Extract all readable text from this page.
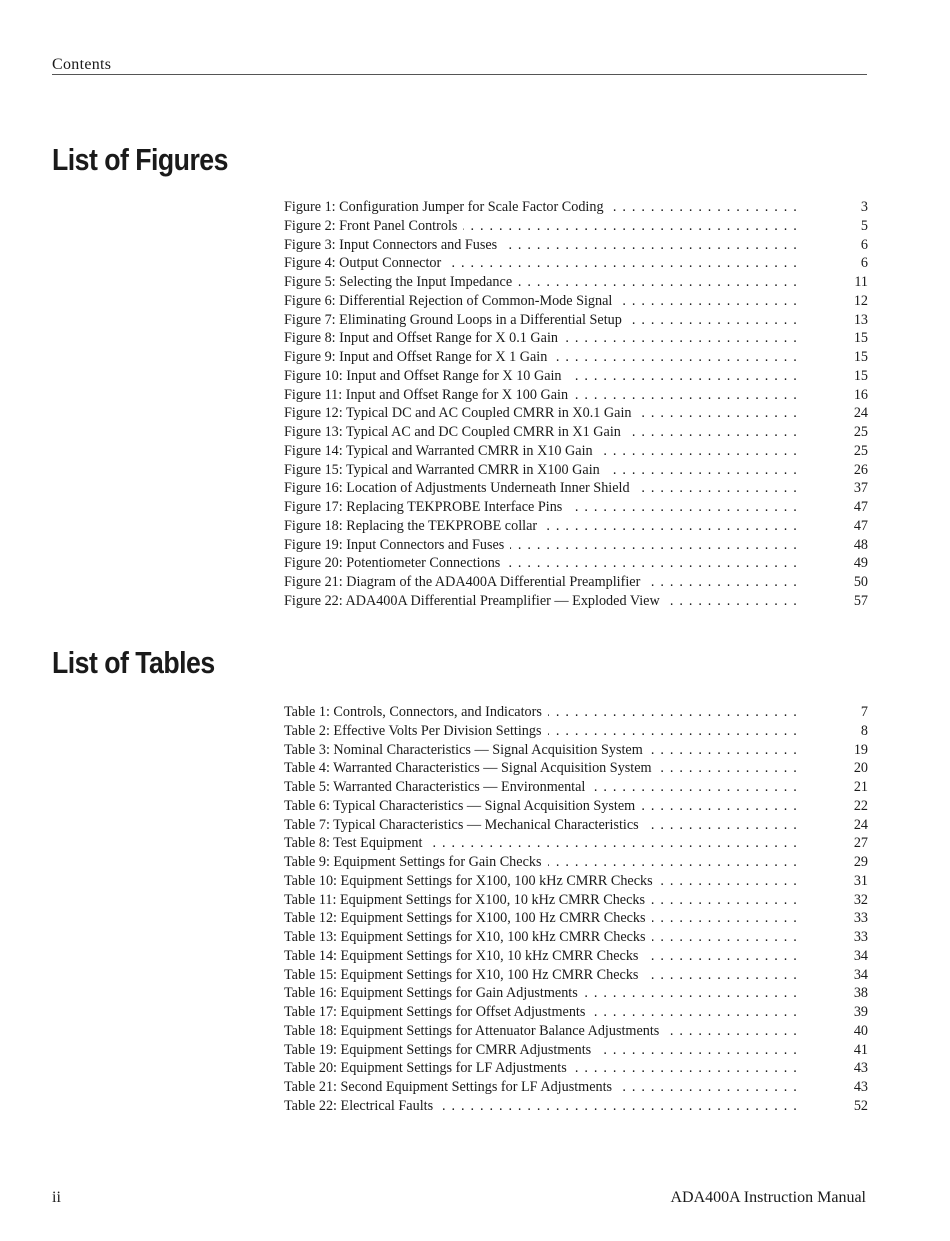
Contents
List of Figures
Figure 1: Configuration Jumper for Scale Factor Coding . . .	3
Figure 2: Front Panel Controls . . .	5
Figure 3: Input Connectors and Fuses . . .	6
Figure 4: Output Connector . . .	6
Figure 5: Selecting the Input Impedance . . .	11
Figure 6: Differential Rejection of Common-Mode Signal . . .	12
Figure 7: Eliminating Ground Loops in a Differential Setup . . .	13
Figure 8: Input and Offset Range for X 0.1 Gain . . .	15
Figure 9: Input and Offset Range for X 1 Gain . . .	15
Figure 10: Input and Offset Range for X 10 Gain . . .	15
Figure 11: Input and Offset Range for X 100 Gain . . .	16
Figure 12: Typical DC and AC Coupled CMRR in X0.1 Gain . . .	24
Figure 13: Typical AC and DC Coupled CMRR in X1 Gain . . .	25
Figure 14: Typical and Warranted CMRR in X10 Gain . . .	25
Figure 15: Typical and Warranted CMRR in X100 Gain . . .	26
Figure 16: Location of Adjustments Underneath Inner Shield . . .	37
Figure 17: Replacing TEKPROBE Interface Pins . . .	47
Figure 18: Replacing the TEKPROBE collar . . .	47
Figure 19: Input Connectors and Fuses . . .	48
Figure 20: Potentiometer Connections . . .	49
Figure 21: Diagram of the ADA400A Differential Preamplifier . . .	50
Figure 22: ADA400A Differential Preamplifier — Exploded View . . .	57
List of Tables
Table 1: Controls, Connectors, and Indicators . . .	7
Table 2: Effective Volts Per Division Settings . . .	8
Table 3: Nominal Characteristics — Signal Acquisition System . . .	19
Table 4: Warranted Characteristics — Signal Acquisition System . . .	20
Table 5: Warranted Characteristics — Environmental . . .	21
Table 6: Typical Characteristics — Signal Acquisition System . . .	22
Table 7: Typical Characteristics — Mechanical Characteristics . . .	24
Table 8: Test Equipment . . .	27
Table 9: Equipment Settings for Gain Checks . . .	29
Table 10: Equipment Settings for X100, 100 kHz CMRR Checks . . .	31
Table 11: Equipment Settings for X100, 10 kHz CMRR Checks . . .	32
Table 12: Equipment Settings for X100, 100 Hz CMRR Checks . . .	33
Table 13: Equipment Settings for X10, 100 kHz CMRR Checks . . .	33
Table 14: Equipment Settings for X10, 10 kHz CMRR Checks . . .	34
Table 15: Equipment Settings for X10, 100 Hz CMRR Checks . . .	34
Table 16: Equipment Settings for Gain Adjustments . . .	38
Table 17: Equipment Settings for Offset Adjustments . . .	39
Table 18: Equipment Settings for Attenuator Balance Adjustments . . .	40
Table 19: Equipment Settings for CMRR Adjustments . . .	41
Table 20: Equipment Settings for LF Adjustments . . .	43
Table 21: Second Equipment Settings for LF Adjustments . . .	43
Table 22: Electrical Faults . . .	52
ii	ADA400A Instruction Manual
